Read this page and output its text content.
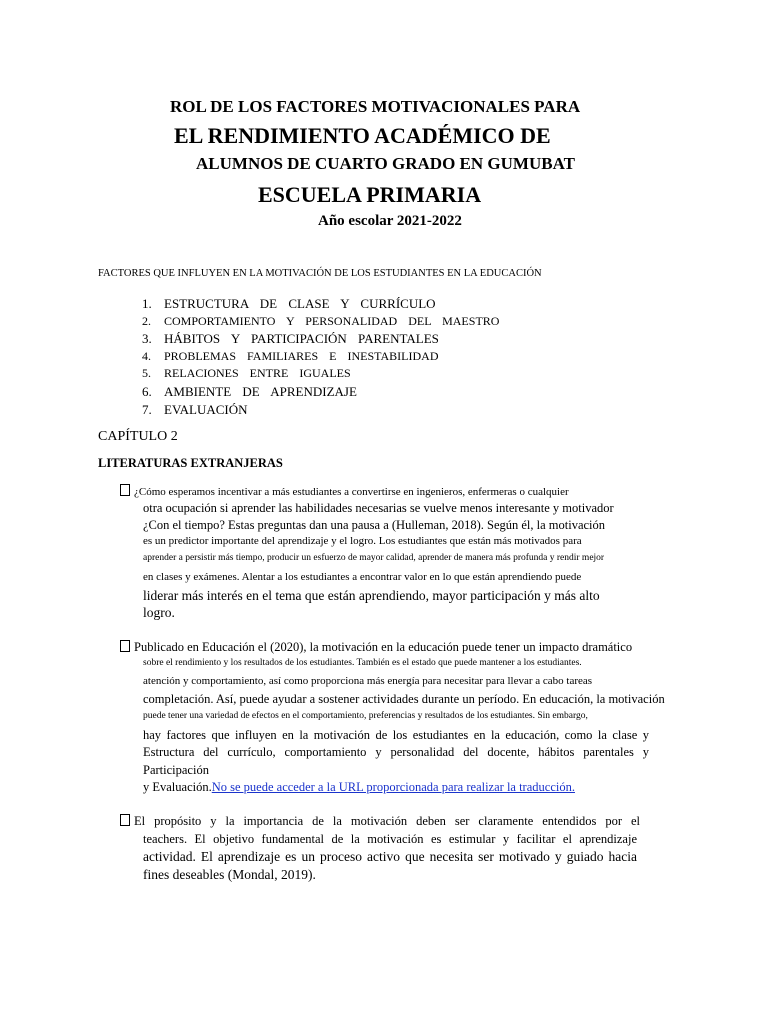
ROL DE LOS FACTORES MOTIVACIONALES PARA
EL RENDIMIENTO ACADÉMICO DE
ALUMNOS DE CUARTO GRADO EN GUMUBAT
ESCUELA PRIMARIA
Año escolar 2021-2022
FACTORES QUE INFLUYEN EN LA MOTIVACIÓN DE LOS ESTUDIANTES EN LA EDUCACIÓN
1. ESTRUCTURA DE CLASE Y CURRÍCULO
2. COMPORTAMIENTO Y PERSONALIDAD DEL MAESTRO
3. HÁBITOS Y PARTICIPACIÓN PARENTALES
4. PROBLEMAS FAMILIARES E INESTABILIDAD
5. RELACIONES ENTRE IGUALES
6. AMBIENTE DE APRENDIZAJE
7. EVALUACIÓN
CAPÍTULO 2
LITERATURAS EXTRANJERAS
¿Cómo esperamos incentivar a más estudiantes a convertirse en ingenieros, enfermeras o cualquier
otra ocupación si aprender las habilidades necesarias se vuelve menos interesante y motivador
¿Con el tiempo? Estas preguntas dan una pausa a (Hulleman, 2018). Según él, la motivación
es un predictor importante del aprendizaje y el logro. Los estudiantes que están más motivados para
aprender a persistir más tiempo, producir un esfuerzo de mayor calidad, aprender de manera más profunda y rendir mejor
en clases y exámenes. Alentar a los estudiantes a encontrar valor en lo que están aprendiendo puede
liderar más interés en el tema que están aprendiendo, mayor participación y más alto
logro.
Publicado en Educación el (2020), la motivación en la educación puede tener un impacto dramático
sobre el rendimiento y los resultados de los estudiantes. También es el estado que puede mantener a los estudiantes.
atención y comportamiento, así como proporciona más energía para necesitar para llevar a cabo tareas
completación. Así, puede ayudar a sostener actividades durante un período. En educación, la motivación
puede tener una variedad de efectos en el comportamiento, preferencias y resultados de los estudiantes. Sin embargo,
hay factores que influyen en la motivación de los estudiantes en la educación, como la clase y
Estructura del currículo, comportamiento y personalidad del docente, hábitos parentales y
Participación
y Evaluación.No se puede acceder a la URL proporcionada para realizar la traducción.
El propósito y la importancia de la motivación deben ser claramente entendidos por el
teachers. El objetivo fundamental de la motivación es estimular y facilitar el aprendizaje
actividad. El aprendizaje es un proceso activo que necesita ser motivado y guiado hacia
fines deseables (Mondal, 2019).
